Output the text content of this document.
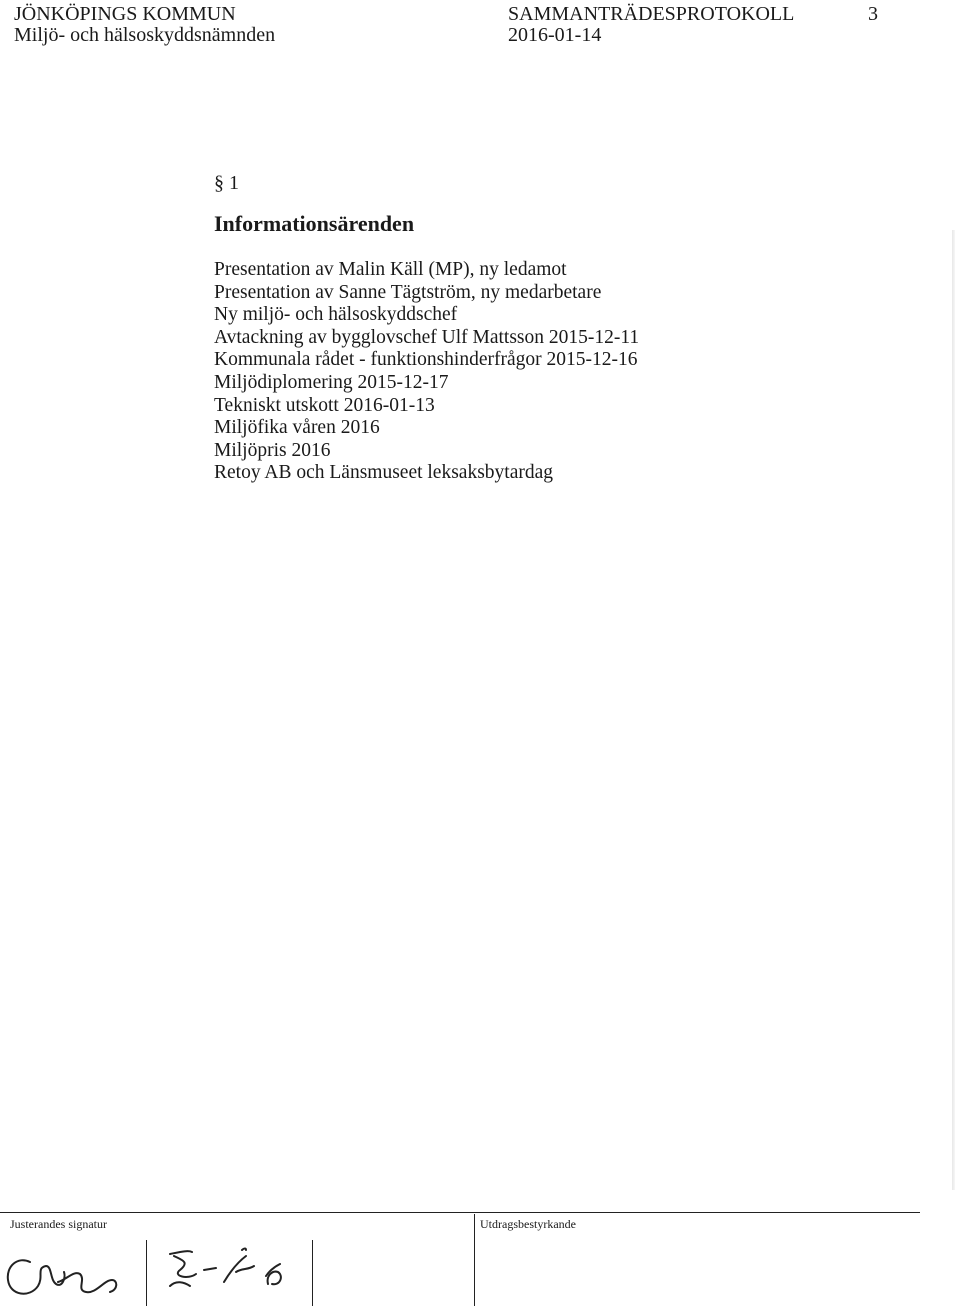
JÖNKÖPINGS KOMMUN
Miljö- och hälsoskyddsnämnden
SAMMANTRÄDESPROTOKOLL
2016-01-14
3
§ 1
Informationsärenden
Presentation av Malin Käll (MP), ny ledamot
Presentation av Sanne Tägtström, ny medarbetare
Ny miljö- och hälsoskyddschef
Avtackning av bygglovschef Ulf Mattsson 2015-12-11
Kommunala rådet - funktionshinderfrågor 2015-12-16
Miljödiplomering 2015-12-17
Tekniskt utskott 2016-01-13
Miljöfika våren 2016
Miljöpris 2016
Retoy AB och Länsmuseet leksaksbytardag
Justerandes signatur	Utdragsbestyrkande
